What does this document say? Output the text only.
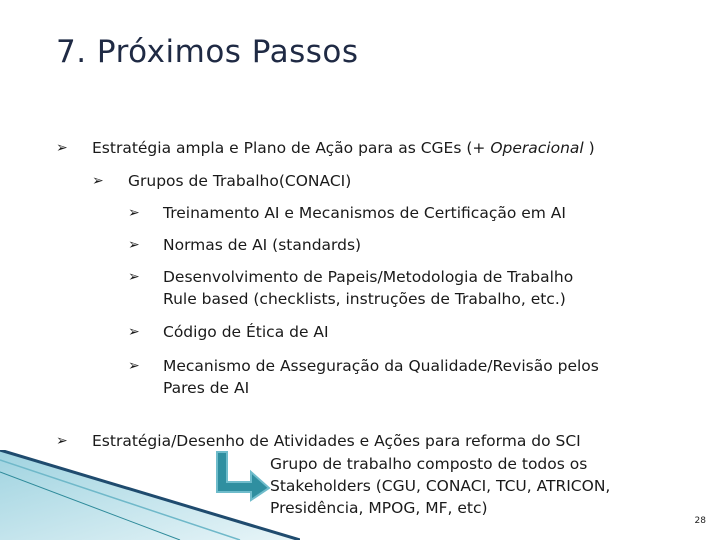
7. Próximos Passos
➢ Estratégia ampla e Plano de Ação para as CGEs (+ Operacional )
➢ Grupos de Trabalho(CONACI)
➢ Treinamento AI e Mecanismos de Certificação em AI
➢ Normas de AI (standards)
➢ Desenvolvimento de Papeis/Metodologia de Trabalho
Rule based (checklists, instruções de Trabalho, etc.)
➢ Código de Ética de AI
➢ Mecanismo de Asseguração da Qualidade/Revisão pelos
Pares de AI
➢ Estratégia/Desenho de Atividades e Ações para reforma do SCI
Grupo de trabalho composto de todos os
Stakeholders (CGU, CONACI, TCU, ATRICON,
Presidência, MPOG, MF, etc)
28
